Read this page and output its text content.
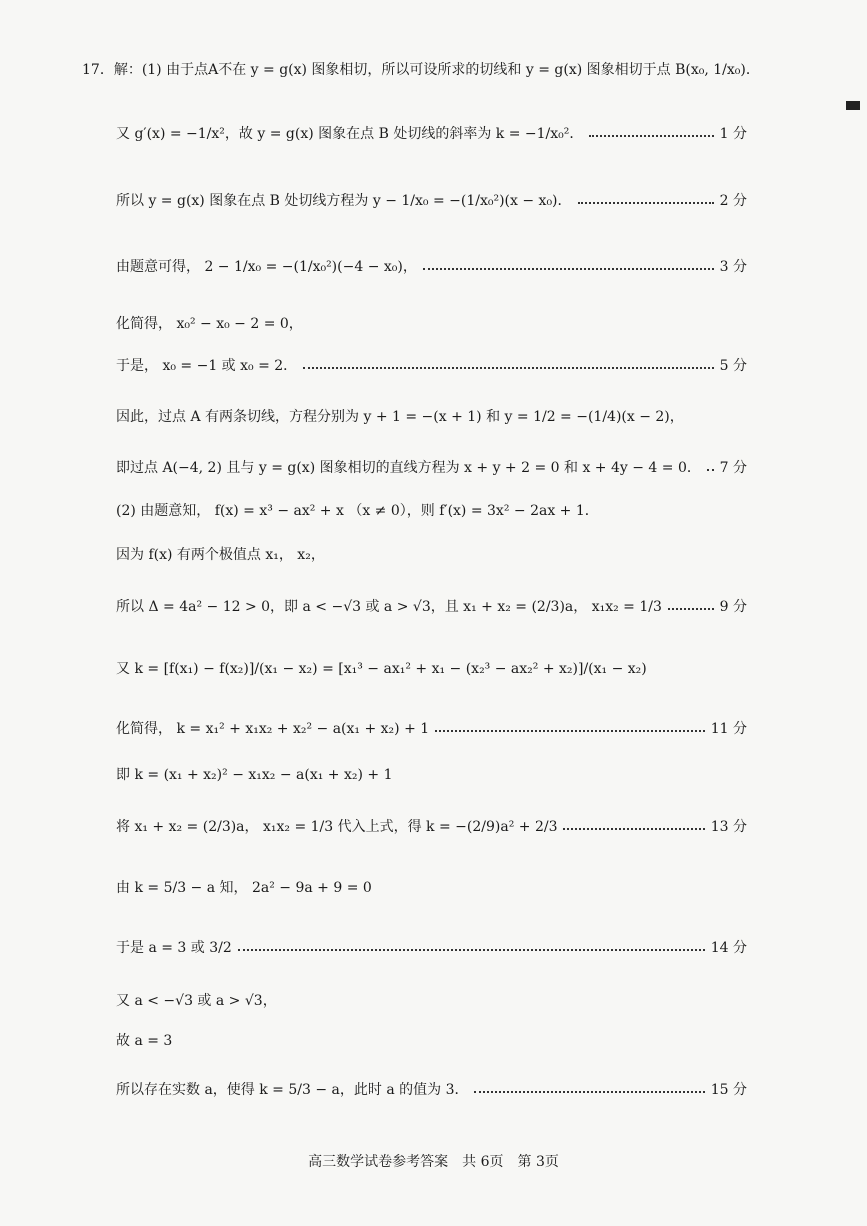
17．解：(1) 由于点A不在 y = g(x) 图象相切，所以可设所求的切线和 y = g(x) 图象相切于点 B(x₀, 1/x₀)．
又 g′(x) = −1/x²，故 y = g(x) 图象在点 B 处切线的斜率为 k = −1/x₀²．	1 分
所以 y = g(x) 图象在点 B 处切线方程为 y − 1/x₀ = −(1/x₀²)(x − x₀)．	2 分
由题意可得， 2 − 1/x₀ = −(1/x₀²)(−4 − x₀)，	3 分
化简得， x₀² − x₀ − 2 = 0，
于是， x₀ = −1 或 x₀ = 2．	5 分
因此，过点 A 有两条切线，方程分别为 y + 1 = −(x + 1) 和 y = 1/2 = −(1/4)(x − 2)，
即过点 A(−4, 2) 且与 y = g(x) 图象相切的直线方程为 x + y + 2 = 0 和 x + 4y − 4 = 0． 7 分
(2) 由题意知， f(x) = x³ − ax² + x （x ≠ 0），则 f′(x) = 3x² − 2ax + 1．
因为 f(x) 有两个极值点 x₁， x₂，
所以 Δ = 4a² − 12 > 0，即 a < −√3 或 a > √3，且 x₁ + x₂ = (2/3)a， x₁x₂ = 1/3	9 分
又 k = [f(x₁) − f(x₂)]/(x₁ − x₂) = [x₁³ − ax₁² + x₁ − (x₂³ − ax₂² + x₂)]/(x₁ − x₂)
化简得， k = x₁² + x₁x₂ + x₂² − a(x₁ + x₂) + 1	11 分
即 k = (x₁ + x₂)² − x₁x₂ − a(x₁ + x₂) + 1
将 x₁ + x₂ = (2/3)a， x₁x₂ = 1/3 代入上式，得 k = −(2/9)a² + 2/3	13 分
由 k = 5/3 − a 知， 2a² − 9a + 9 = 0
于是 a = 3 或 3/2	14 分
又 a < −√3 或 a > √3，
故 a = 3
所以存在实数 a，使得 k = 5/3 − a，此时 a 的值为 3．	15 分
高三数学试卷参考答案　共 6页　第 3页
